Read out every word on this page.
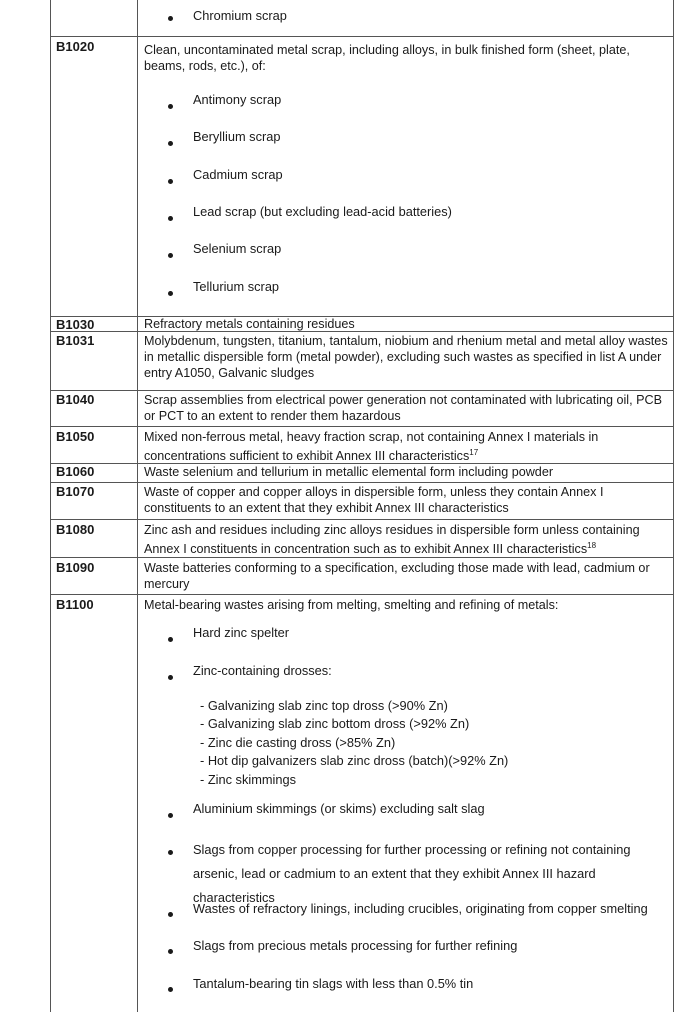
Chromium scrap
B1020	Clean, uncontaminated metal scrap, including alloys, in bulk finished form (sheet, plate, beams, rods, etc.), of:
Antimony scrap
Beryllium scrap
Cadmium scrap
Lead scrap (but excluding lead-acid batteries)
Selenium scrap
Tellurium scrap
B1030	Refractory metals containing residues
B1031	Molybdenum, tungsten, titanium, tantalum, niobium and rhenium metal and metal alloy wastes in metallic dispersible form (metal powder), excluding such wastes as specified in list A under entry A1050, Galvanic sludges
B1040	Scrap assemblies from electrical power generation not contaminated with lubricating oil, PCB or PCT to an extent to render them hazardous
B1050	Mixed non-ferrous metal, heavy fraction scrap, not containing Annex I materials in concentrations sufficient to exhibit Annex III characteristics$^{17}$
B1060	Waste selenium and tellurium in metallic elemental form including powder
B1070	Waste of copper and copper alloys in dispersible form, unless they contain Annex I constituents to an extent that they exhibit Annex III characteristics
B1080	Zinc ash and residues including zinc alloys residues in dispersible form unless containing Annex I constituents in concentration such as to exhibit Annex III characteristics$^{18}$
B1090	Waste batteries conforming to a specification, excluding those made with lead, cadmium or mercury
B1100	Metal-bearing wastes arising from melting, smelting and refining of metals:
Hard zinc spelter
Zinc-containing drosses:
- Galvanizing slab zinc top dross (>90% Zn)
- Galvanizing slab zinc bottom dross (>92% Zn)
- Zinc die casting dross (>85% Zn)
- Hot dip galvanizers slab zinc dross (batch)(>92% Zn)
- Zinc skimmings
Aluminium skimmings (or skims) excluding salt slag
Slags from copper processing for further processing or refining not containing arsenic, lead or cadmium to an extent that they exhibit Annex III hazard characteristics
Wastes of refractory linings, including crucibles, originating from copper smelting
Slags from precious metals processing for further refining
Tantalum-bearing tin slags with less than 0.5% tin
